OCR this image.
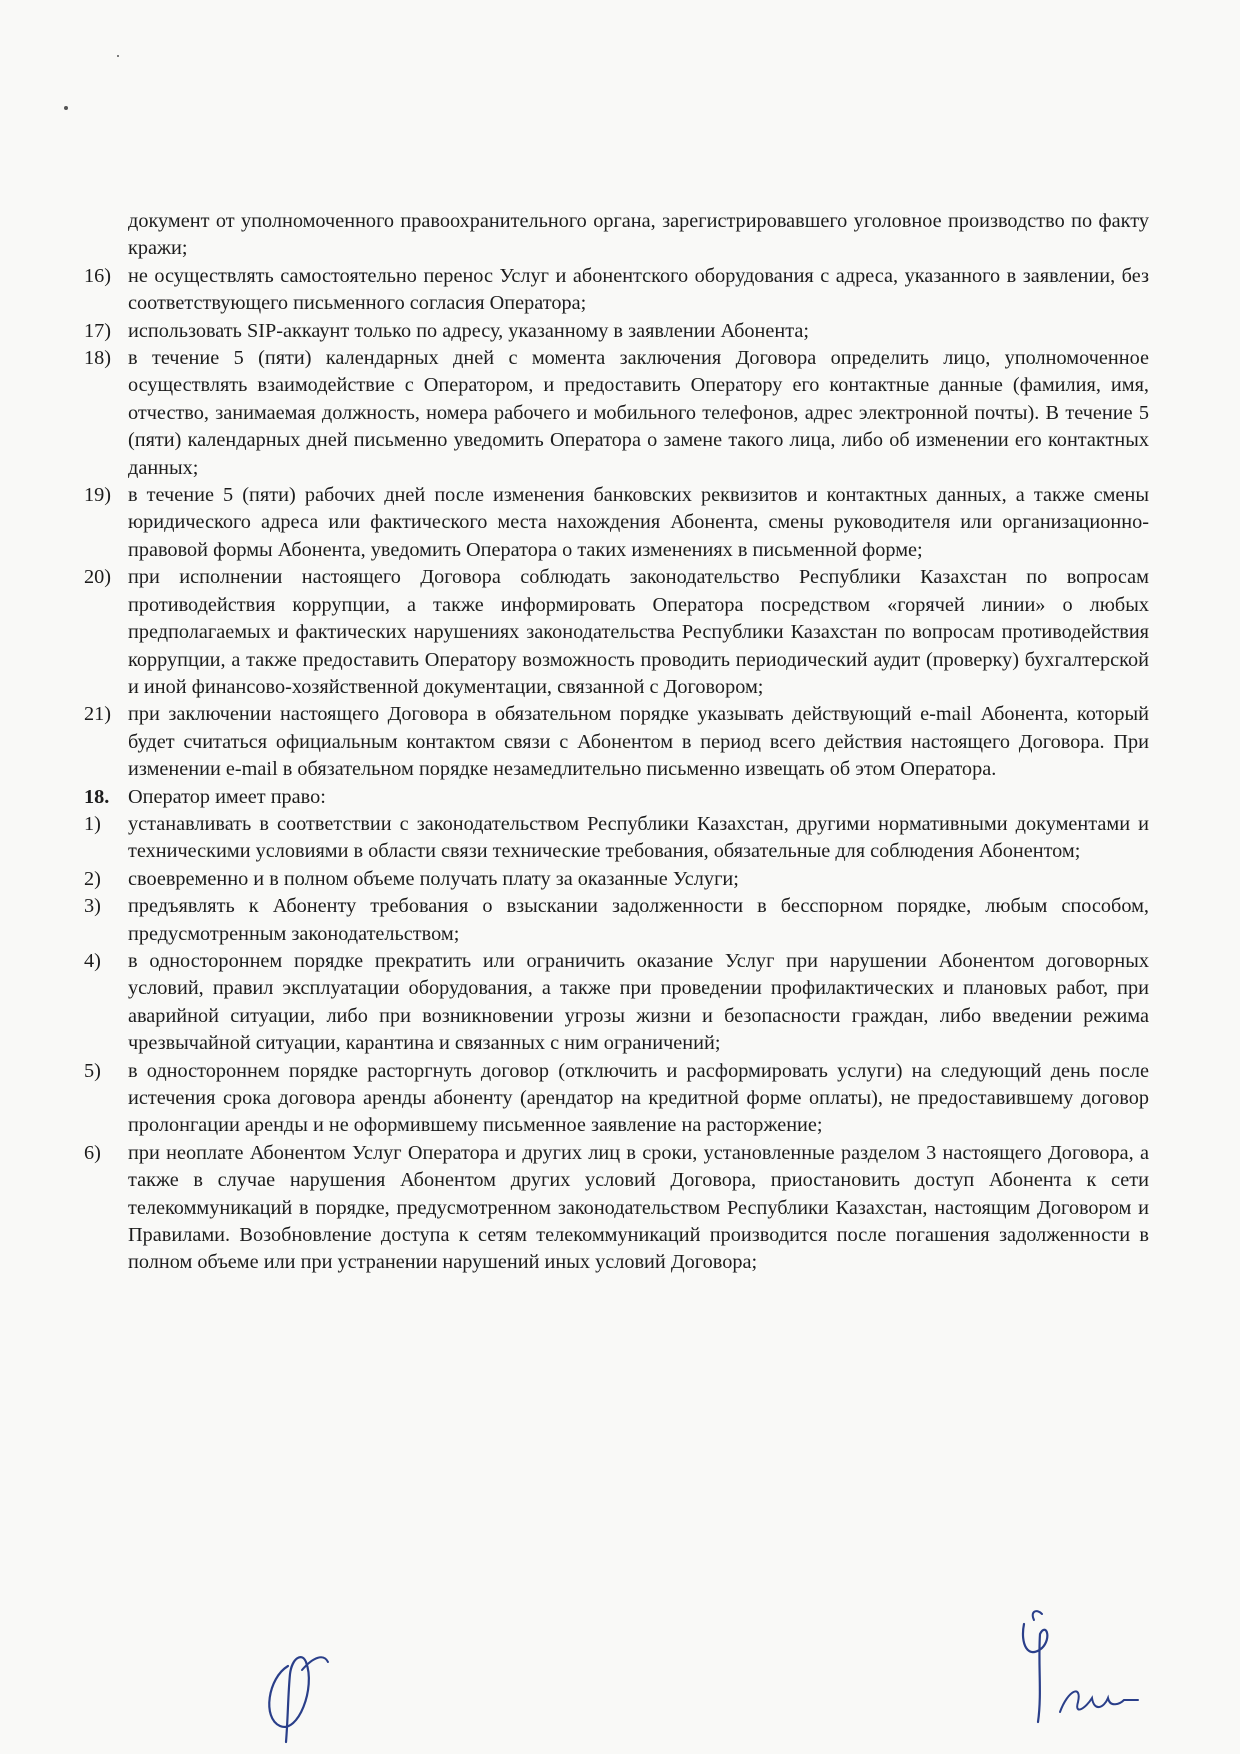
документ от уполномоченного правоохранительного органа, зарегистрировавшего уголовное производство по факту кражи;
16) не осуществлять самостоятельно перенос Услуг и абонентского оборудования с адреса, указанного в заявлении, без соответствующего письменного согласия Оператора;
17) использовать SIP-аккаунт только по адресу, указанному в заявлении Абонента;
18) в течение 5 (пяти) календарных дней с момента заключения Договора определить лицо, уполномоченное осуществлять взаимодействие с Оператором, и предоставить Оператору его контактные данные (фамилия, имя, отчество, занимаемая должность, номера рабочего и мобильного телефонов, адрес электронной почты). В течение 5 (пяти) календарных дней письменно уведомить Оператора о замене такого лица, либо об изменении его контактных данных;
19) в течение 5 (пяти) рабочих дней после изменения банковских реквизитов и контактных данных, а также смены юридического адреса или фактического места нахождения Абонента, смены руководителя или организационно-правовой формы Абонента, уведомить Оператора о таких изменениях в письменной форме;
20) при исполнении настоящего Договора соблюдать законодательство Республики Казахстан по вопросам противодействия коррупции, а также информировать Оператора посредством «горячей линии» о любых предполагаемых и фактических нарушениях законодательства Республики Казахстан по вопросам противодействия коррупции, а также предоставить Оператору возможность проводить периодический аудит (проверку) бухгалтерской и иной финансово-хозяйственной документации, связанной с Договором;
21) при заключении настоящего Договора в обязательном порядке указывать действующий e-mail Абонента, который будет считаться официальным контактом связи с Абонентом в период всего действия настоящего Договора. При изменении e-mail в обязательном порядке незамедлительно письменно извещать об этом Оператора.
18. Оператор имеет право:
1)	устанавливать в соответствии с законодательством Республики Казахстан, другими нормативными документами и техническими условиями в области связи технические требования, обязательные для соблюдения Абонентом;
2)	своевременно и в полном объеме получать плату за оказанные Услуги;
3)	предъявлять к Абоненту требования о взыскании задолженности в бесспорном порядке, любым способом, предусмотренным законодательством;
4)	в одностороннем порядке прекратить или ограничить оказание Услуг при нарушении Абонентом договорных условий, правил эксплуатации оборудования, а также при проведении профилактических и плановых работ, при аварийной ситуации, либо при возникновении угрозы жизни и безопасности граждан, либо введении режима чрезвычайной ситуации, карантина и связанных с ним ограничений;
5)	в одностороннем порядке расторгнуть договор (отключить и расформировать услуги) на следующий день после истечения срока договора аренды абоненту (арендатор на кредитной форме оплаты), не предоставившему договор пролонгации аренды и не оформившему письменное заявление на расторжение;
6)	при неоплате Абонентом Услуг Оператора и других лиц в сроки, установленные разделом 3 настоящего Договора, а также в случае нарушения Абонентом других условий Договора, приостановить доступ Абонента к сети телекоммуникаций в порядке, предусмотренном законодательством Республики Казахстан, настоящим Договором и Правилами. Возобновление доступа к сетям телекоммуникаций производится после погашения задолженности в полном объеме или при устранении нарушений иных условий Договора;
